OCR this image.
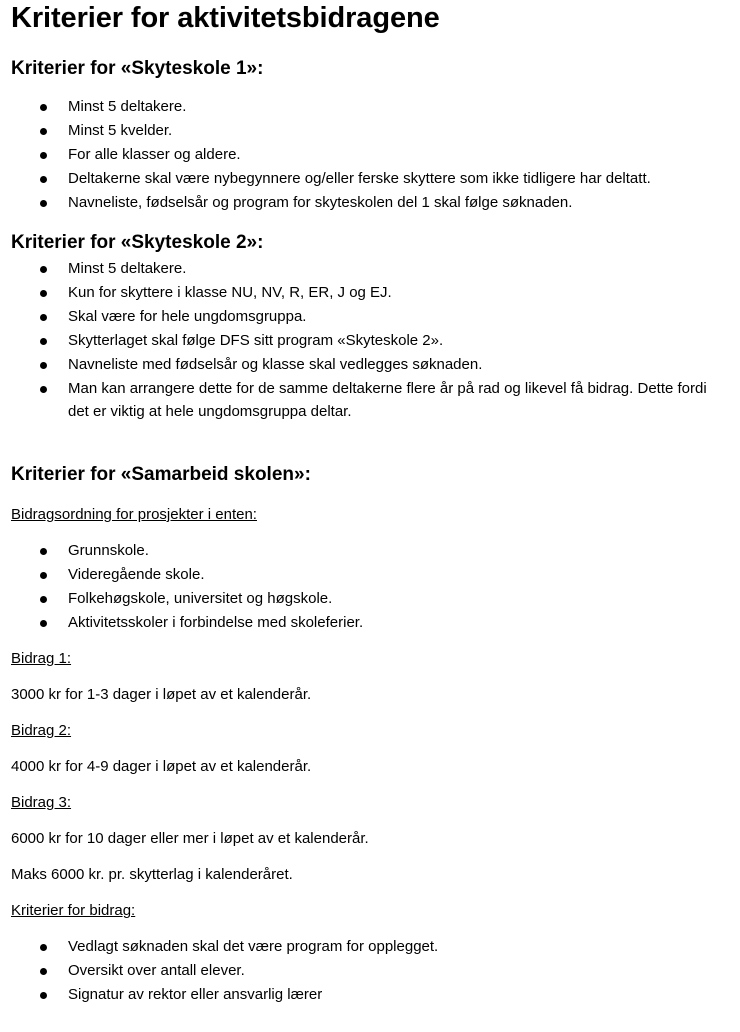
Kriterier for aktivitetsbidragene
Kriterier for «Skyteskole 1»:
Minst 5 deltakere.
Minst 5 kvelder.
For alle klasser og aldere.
Deltakerne skal være nybegynnere og/eller ferske skyttere som ikke tidligere har deltatt.
Navneliste, fødselsår og program for skyteskolen del 1 skal følge søknaden.
Kriterier for «Skyteskole 2»:
Minst 5 deltakere.
Kun for skyttere i klasse NU, NV, R, ER, J og EJ.
Skal være for hele ungdomsgruppa.
Skytterlaget skal følge DFS sitt program «Skyteskole 2».
Navneliste med fødselsår og klasse skal vedlegges søknaden.
Man kan arrangere dette for de samme deltakerne flere år på rad og likevel få bidrag. Dette fordi det er viktig at hele ungdomsgruppa deltar.
Kriterier for «Samarbeid skolen»:

Bidragsordning for prosjekter i enten:

Grunnskole.
Videregående skole.
Folkehøgskole, universitet og høgskole.
Aktivitetsskoler i forbindelse med skoleferier.

Bidrag 1:

3000 kr for 1-3 dager i løpet av et kalenderår.

Bidrag 2:

4000 kr for 4-9 dager i løpet av et kalenderår.

Bidrag 3:

6000 kr for 10 dager eller mer i løpet av et kalenderår.

Maks 6000 kr. pr. skytterlag i kalenderåret.

Kriterier for bidrag:

Vedlagt søknaden skal det være program for opplegget.
Oversikt over antall elever.
Signatur av rektor eller ansvarlig lærer
